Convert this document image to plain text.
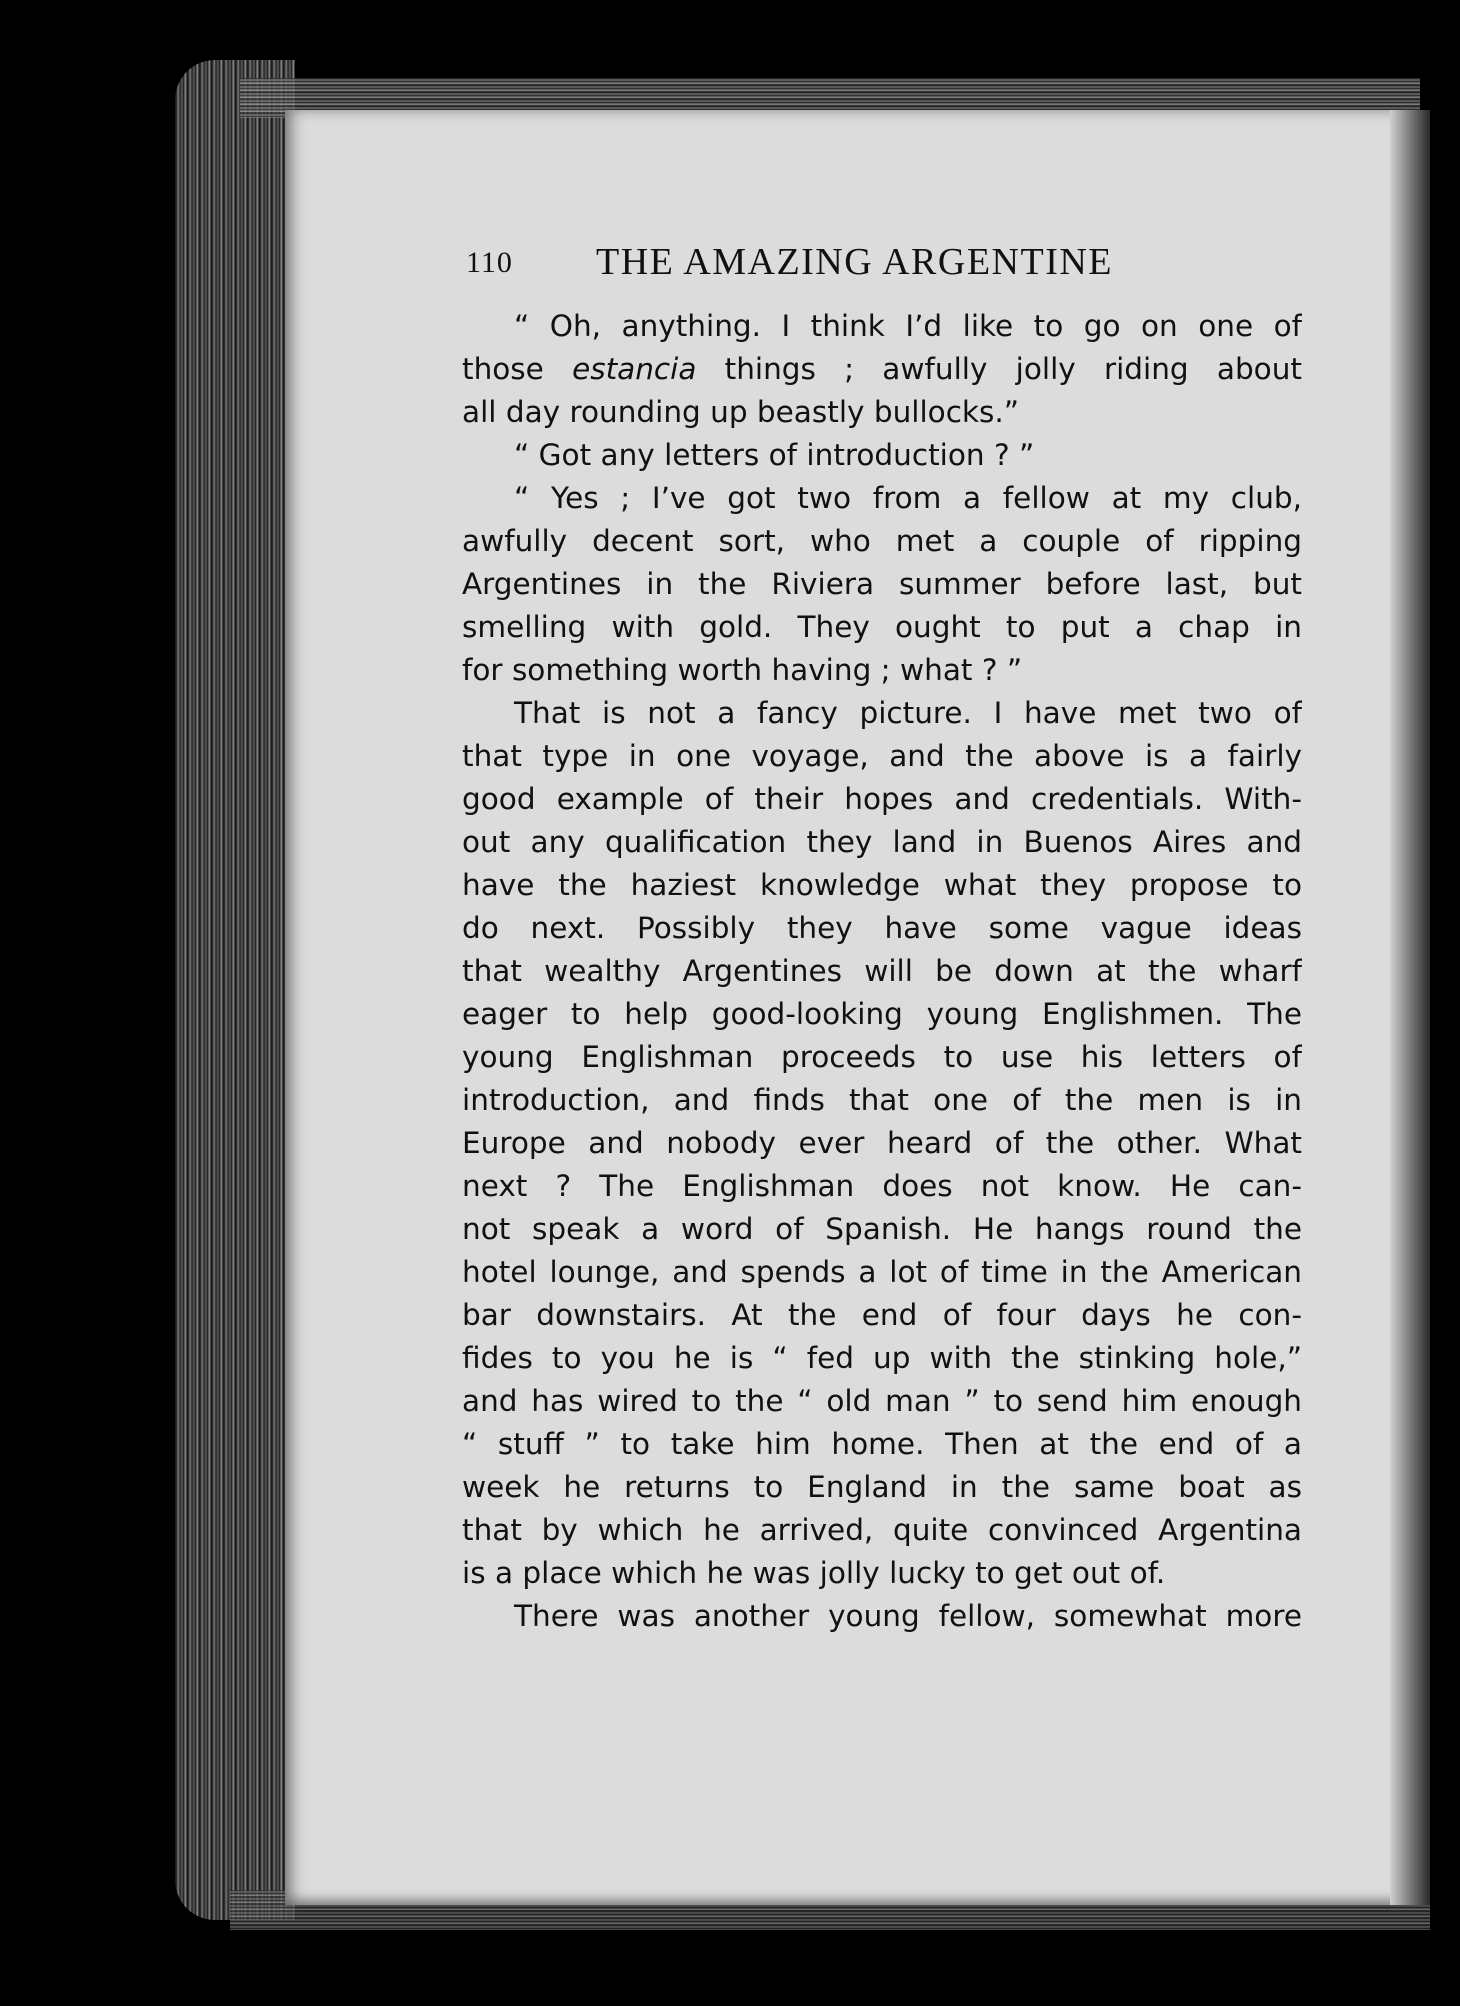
110 THE AMAZING ARGENTINE
“ Oh, anything. I think I’d like to go on one of
those estancia things ; awfully jolly riding about
all day rounding up beastly bullocks.”
“ Got any letters of introduction ? ”
“ Yes ; I’ve got two from a fellow at my club,
awfully decent sort, who met a couple of ripping
Argentines in the Riviera summer before last, but
smelling with gold. They ought to put a chap in
for something worth having ; what ? ”
That is not a fancy picture. I have met two of
that type in one voyage, and the above is a fairly
good example of their hopes and credentials. With-
out any qualification they land in Buenos Aires and
have the haziest knowledge what they propose to
do next. Possibly they have some vague ideas
that wealthy Argentines will be down at the wharf
eager to help good-looking young Englishmen. The
young Englishman proceeds to use his letters of
introduction, and finds that one of the men is in
Europe and nobody ever heard of the other. What
next ? The Englishman does not know. He can-
not speak a word of Spanish. He hangs round the
hotel lounge, and spends a lot of time in the American
bar downstairs. At the end of four days he con-
fides to you he is “ fed up with the stinking hole,”
and has wired to the “ old man ” to send him enough
“ stuff ” to take him home. Then at the end of a
week he returns to England in the same boat as
that by which he arrived, quite convinced Argentina
is a place which he was jolly lucky to get out of.
There was another young fellow, somewhat more
